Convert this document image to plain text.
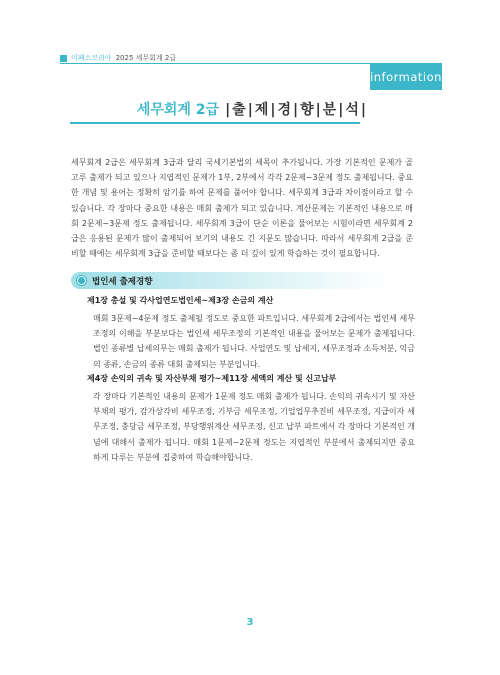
이패스코리아 2025 세무회계 2급
information
세무회계 2급 |출|제|경|향|분|석|
세무회계 2급은 세무회계 3급과 달리 국세기본법의 세목이 추가됩니다. 가장 기본적인 문제가 골고루 출제가 되고 있으나 지엽적인 문제가 1부, 2부에서 각각 2문제~3문제 정도 출제됩니다. 중요한 개념 및 용어는 정확히 암기를 하여 문제를 풀어야 합니다. 세무회계 3급과 차이점이라고 할 수 있습니다. 각 장마다 중요한 내용은 매회 출제가 되고 있습니다. 계산문제는 기본적인 내용으로 매회 2문제~3문제 정도 출제됩니다. 세무회계 3급이 단순 이론을 물어보는 시험이라면 세무회계 2급은 응용된 문제가 많이 출제되어 보기의 내용도 긴 지문도 많습니다. 따라서 세무회계 2급을 준비할 때에는 세무회계 3급을 준비할 때보다는 좀 더 깊이 있게 학습하는 것이 필요합니다.
법인세 출제경향
제1장 총설 및 각사업연도법인세~제3장 손금의 계산
매회 3문제~4문제 정도 출제될 정도로 중요한 파트입니다. 세무회계 2급에서는 법인세 세무조정의 이해을 부분보다는 법인세 세무조정의 기본적인 내용을 물어보는 문제가 출제됩니다. 법인 종류별 납세의무는 매회 출제가 됩니다. 사업연도 및 납세지, 세무조정과 소득처분, 익금의 종류, 손금의 종류 대회 출제되는 부분입니다.
제4장 손익의 귀속 및 자산부채 평가~제11장 세액의 계산 및 신고납부
각 장마다 기본적인 내용의 문제가 1문제 정도 매회 출제가 됩니다. 손익의 귀속시기 및 자산부채의 평가, 감가상각비 세무조정, 기부금 세무조정, 기업업무추진비 세무조정, 지급이자 세무조정, 충당금 세무조정, 부당행위계산 세무조정, 신고 납부 파트에서 각 장마다 기본적인 개념에 대해서 출제가 됩니다. 매회 1문제~2문제 정도는 지엽적인 부분에서 출제되지만 중요하게 다루는 부분에 집중하여 학습해야합니다.
3
